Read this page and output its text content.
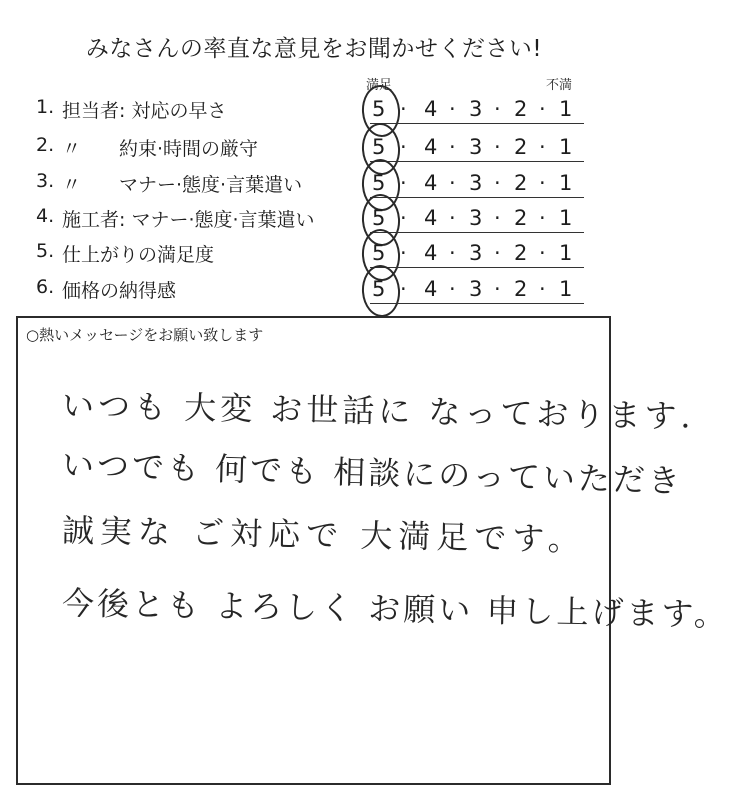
みなさんの率直な意見をお聞かせください!
満足	不満
1. 担当者: 対応の早さ	5 4 3 2 1
· · · ·
2. 〃　　約束·時間の厳守	5 4 3 2 1
· · · ·
3. 〃　　マナー·態度·言葉遣い	5 4 3 2 1
· · · ·
4. 施工者: マナー·態度·言葉遣い	5 4 3 2 1
· · · ·
5. 仕上がりの満足度	5 4 3 2 1
· · · ·
6. 価格の納得感	5 4 3 2 1
· · · ·
○熱いメッセージをお願い致します
いつも 大変 お世話に なっております.
いつでも 何でも 相談にのっていただき
誠実な ご対応で 大満足です。
今後とも よろしく お願い 申し上げます。
